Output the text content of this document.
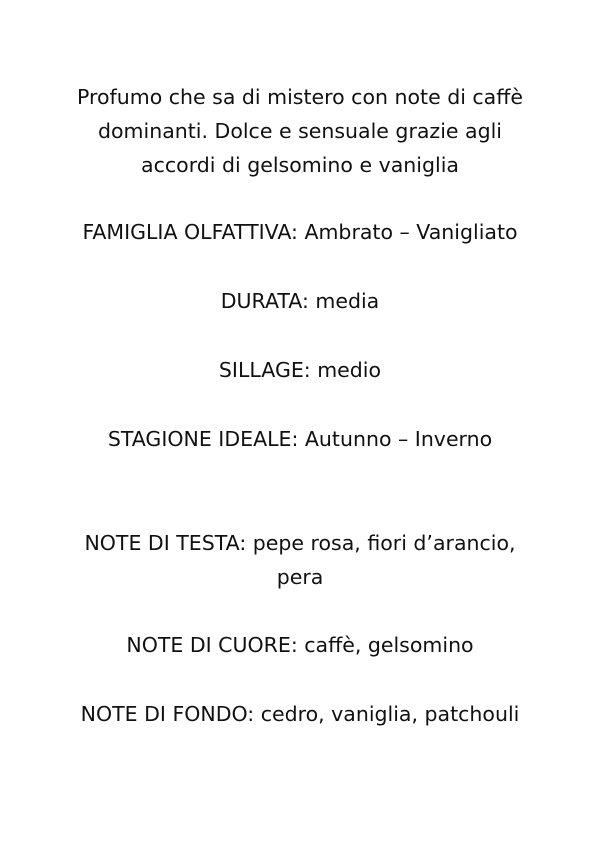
Profumo che sa di mistero con note di caffè
dominanti. Dolce e sensuale grazie agli
accordi di gelsomino e vaniglia
FAMIGLIA OLFATTIVA: Ambrato – Vanigliato
DURATA: media
SILLAGE: medio
STAGIONE IDEALE: Autunno – Inverno
NOTE DI TESTA: pepe rosa, fiori d’arancio,
pera
NOTE DI CUORE: caffè, gelsomino
NOTE DI FONDO: cedro, vaniglia, patchouli
